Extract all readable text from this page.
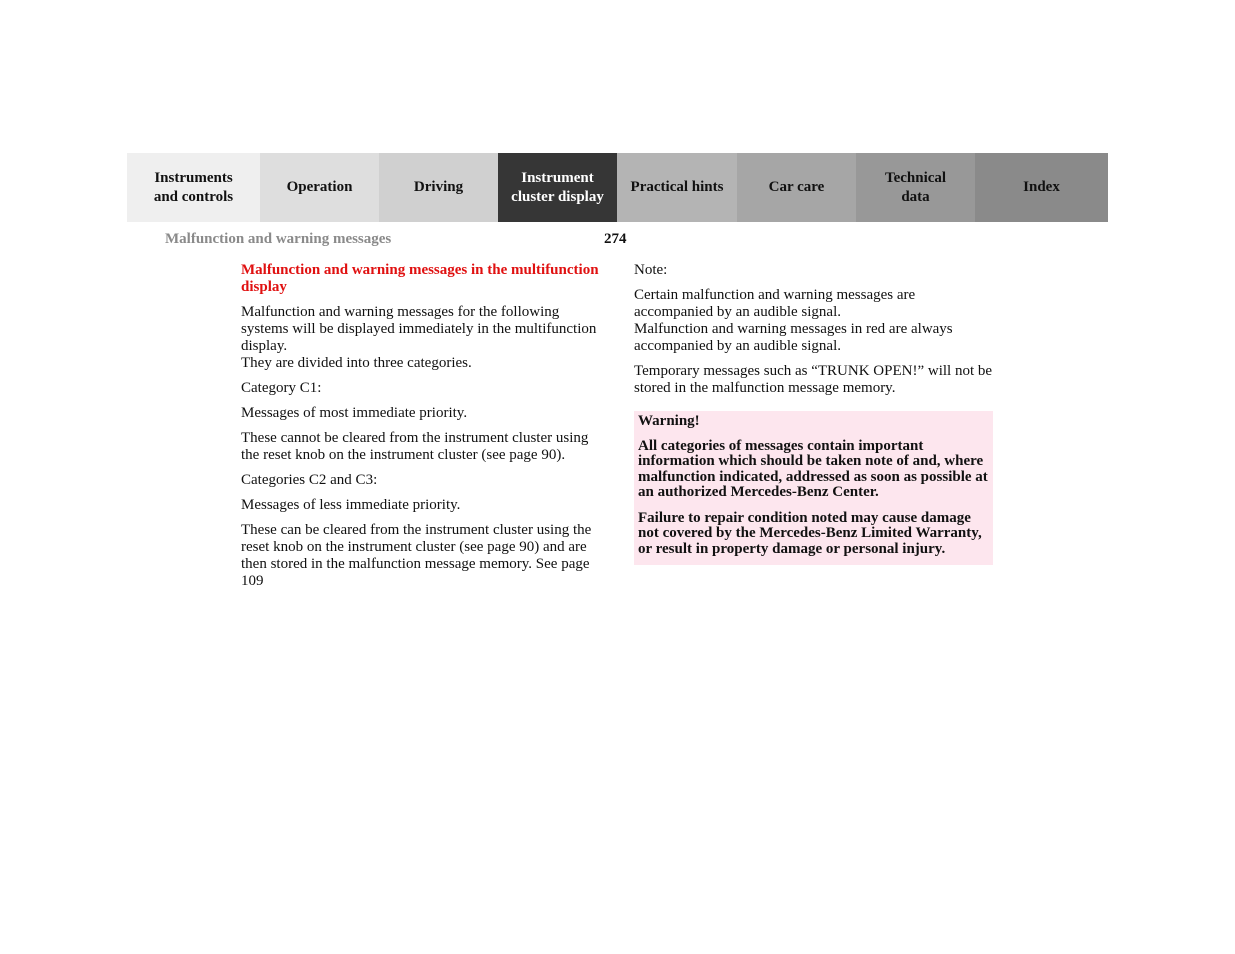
Instruments
and controls
Operation	Driving
Instrument
cluster display
Practical hints	Car care
Technical
data
Index
Malfunction and warning messages	274
Malfunction and warning messages in the multifunction display

Malfunction and warning messages for the following systems will be displayed immediately in the multifunction display.
They are divided into three categories.

Category C1:

Messages of most immediate priority.

These cannot be cleared from the instrument cluster using the reset knob on the instrument cluster (see page 90).

Categories C2 and C3:

Messages of less immediate priority.

These can be cleared from the instrument cluster using the reset knob on the instrument cluster (see page 90) and are then stored in the malfunction message memory. See page 109

Note:

Certain malfunction and warning messages are accompanied by an audible signal.
Malfunction and warning messages in red are always accompanied by an audible signal.

Temporary messages such as “TRUNK OPEN!” will not be stored in the malfunction message memory.

Warning!

All categories of messages contain important information which should be taken note of and, where malfunction indicated, addressed as soon as possible at an authorized Mercedes-Benz Center.

Failure to repair condition noted may cause damage not covered by the Mercedes-Benz Limited Warranty, or result in property damage or personal injury.
